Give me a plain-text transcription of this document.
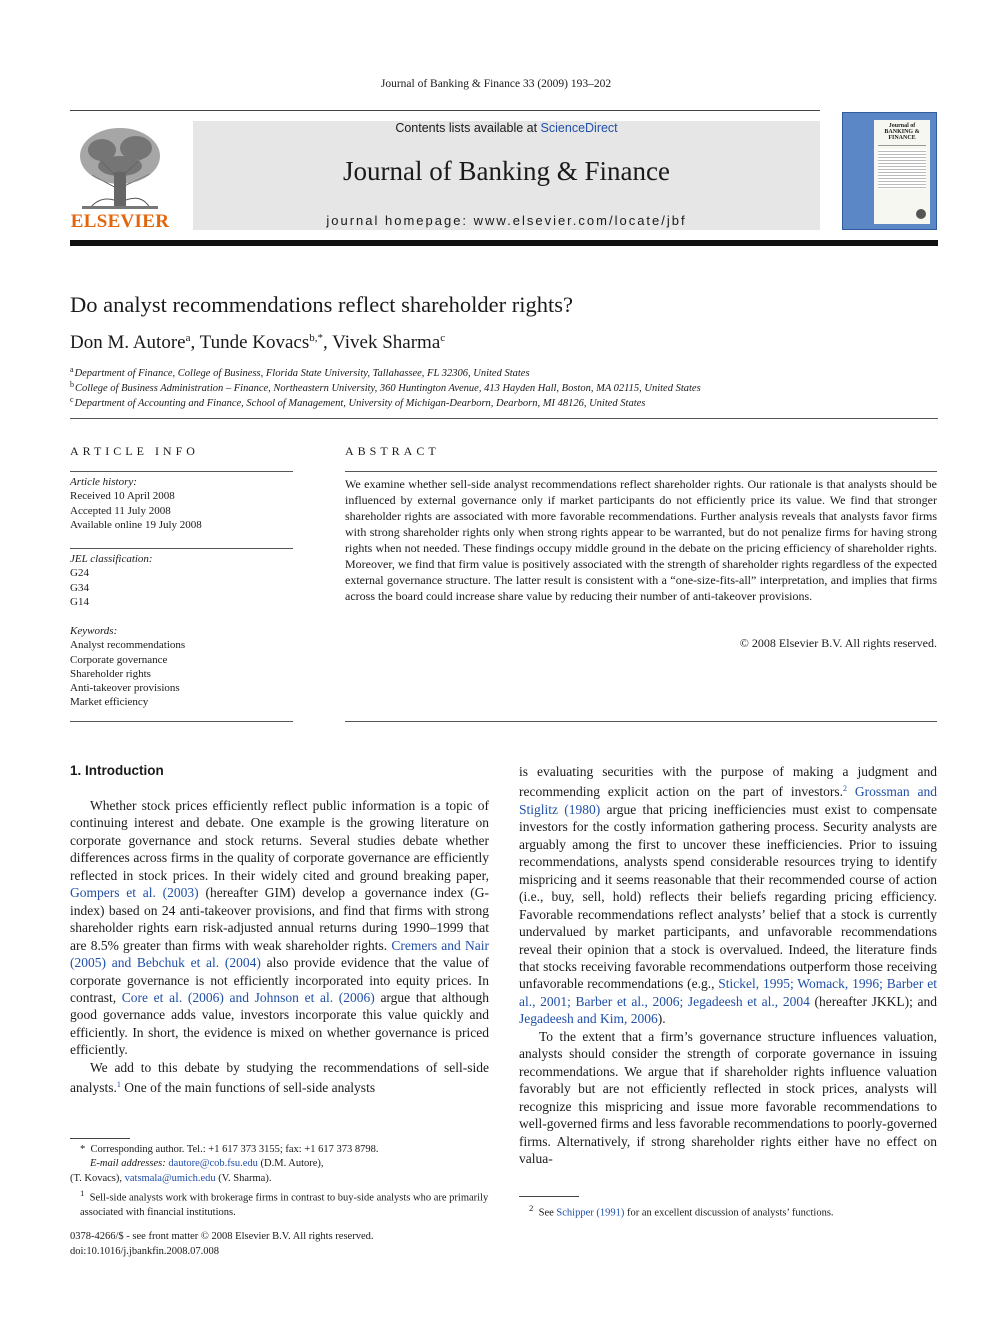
Journal of Banking & Finance 33 (2009) 193–202
ELSEVIER
Contents lists available at ScienceDirect
Journal of Banking & Finance
journal homepage: www.elsevier.com/locate/jbf
Journal of BANKING & FINANCE
Do analyst recommendations reflect shareholder rights?
Don M. Autore$^a$, Tunde Kovacs$^{b,*}$, Vivek Sharma$^c$
$^a$Department of Finance, College of Business, Florida State University, Tallahassee, FL 32306, United States
$^b$College of Business Administration – Finance, Northeastern University, 360 Huntington Avenue, 413 Hayden Hall, Boston, MA 02115, United States
$^c$Department of Accounting and Finance, School of Management, University of Michigan-Dearborn, Dearborn, MI 48126, United States
ARTICLE INFO
Article history:
Received 10 April 2008
Accepted 11 July 2008
Available online 19 July 2008
JEL classification:
G24
G34
G14
Keywords:
Analyst recommendations
Corporate governance
Shareholder rights
Anti-takeover provisions
Market efficiency
ABSTRACT
We examine whether sell-side analyst recommendations reflect shareholder rights. Our rationale is that analysts should be influenced by external governance only if market participants do not efficiently price its value. We find that stronger shareholder rights are associated with more favorable recommendations. Further analysis reveals that analysts favor firms with strong shareholder rights only when strong rights appear to be warranted, but do not penalize firms for having strong rights when not needed. These findings occupy middle ground in the debate on the pricing efficiency of shareholder rights. Moreover, we find that firm value is positively associated with the strength of shareholder rights regardless of the expected external governance structure. The latter result is consistent with a “one-size-fits-all” interpretation, and implies that firms across the board could increase share value by reducing their number of anti-takeover provisions.
© 2008 Elsevier B.V. All rights reserved.
1. Introduction

Whether stock prices efficiently reflect public information is a topic of continuing interest and debate. One example is the growing literature on corporate governance and stock returns. Several studies debate whether differences across firms in the quality of corporate governance are efficiently reflected in stock prices. In their widely cited and ground breaking paper, Gompers et al. (2003) (hereafter GIM) develop a governance index (G-index) based on 24 anti-takeover provisions, and find that firms with strong shareholder rights earn risk-adjusted annual returns during 1990–1999 that are 8.5% greater than firms with weak shareholder rights. Cremers and Nair (2005) and Bebchuk et al. (2004) also provide evidence that the value of corporate governance is not efficiently incorporated into equity prices. In contrast, Core et al. (2006) and Johnson et al. (2006) argue that although good governance adds value, investors incorporate this value quickly and efficiently. In short, the evidence is mixed on whether governance is priced efficiently.

We add to this debate by studying the recommendations of sell-side analysts.$^1$ One of the main functions of sell-side analysts

* Corresponding author. Tel.: +1 617 373 3155; fax: +1 617 373 8798.
E-mail addresses: dautore@cob.fsu.edu (D.M. Autore),
(T. Kovacs), vatsmala@umich.edu (V. Sharma).
$^1$ Sell-side analysts work with brokerage firms in contrast to buy-side analysts who are primarily associated with financial institutions.

is evaluating securities with the purpose of making a judgment and recommending explicit action on the part of investors.$^2$ Grossman and Stiglitz (1980) argue that pricing inefficiencies must exist to compensate investors for the costly information gathering process. Security analysts are arguably among the first to uncover these inefficiencies. Prior to issuing recommendations, analysts spend considerable resources trying to identify mispricing and it seems reasonable that their recommended course of action (i.e., buy, sell, hold) reflects their beliefs regarding pricing efficiency. Favorable recommendations reflect analysts’ belief that a stock is currently undervalued by market participants, and unfavorable recommendations reveal their opinion that a stock is overvalued. Indeed, the literature finds that stocks receiving favorable recommendations outperform those receiving unfavorable recommendations (e.g., Stickel, 1995; Womack, 1996; Barber et al., 2001; Barber et al., 2006; Jegadeesh et al., 2004 (hereafter JKKL); and Jegadeesh and Kim, 2006).

To the extent that a firm’s governance structure influences valuation, analysts should consider the strength of corporate governance in issuing recommendations. We argue that if shareholder rights influence valuation favorably but are not efficiently reflected in stock prices, analysts will recognize this mispricing and issue more favorable recommendations to well-governed firms and less favorable recommendations to poorly-governed firms. Alternatively, if strong shareholder rights either have no effect on valua-

$^2$ See Schipper (1991) for an excellent discussion of analysts’ functions.
0378-4266/$ - see front matter © 2008 Elsevier B.V. All rights reserved.
doi:10.1016/j.jbankfin.2008.07.008
